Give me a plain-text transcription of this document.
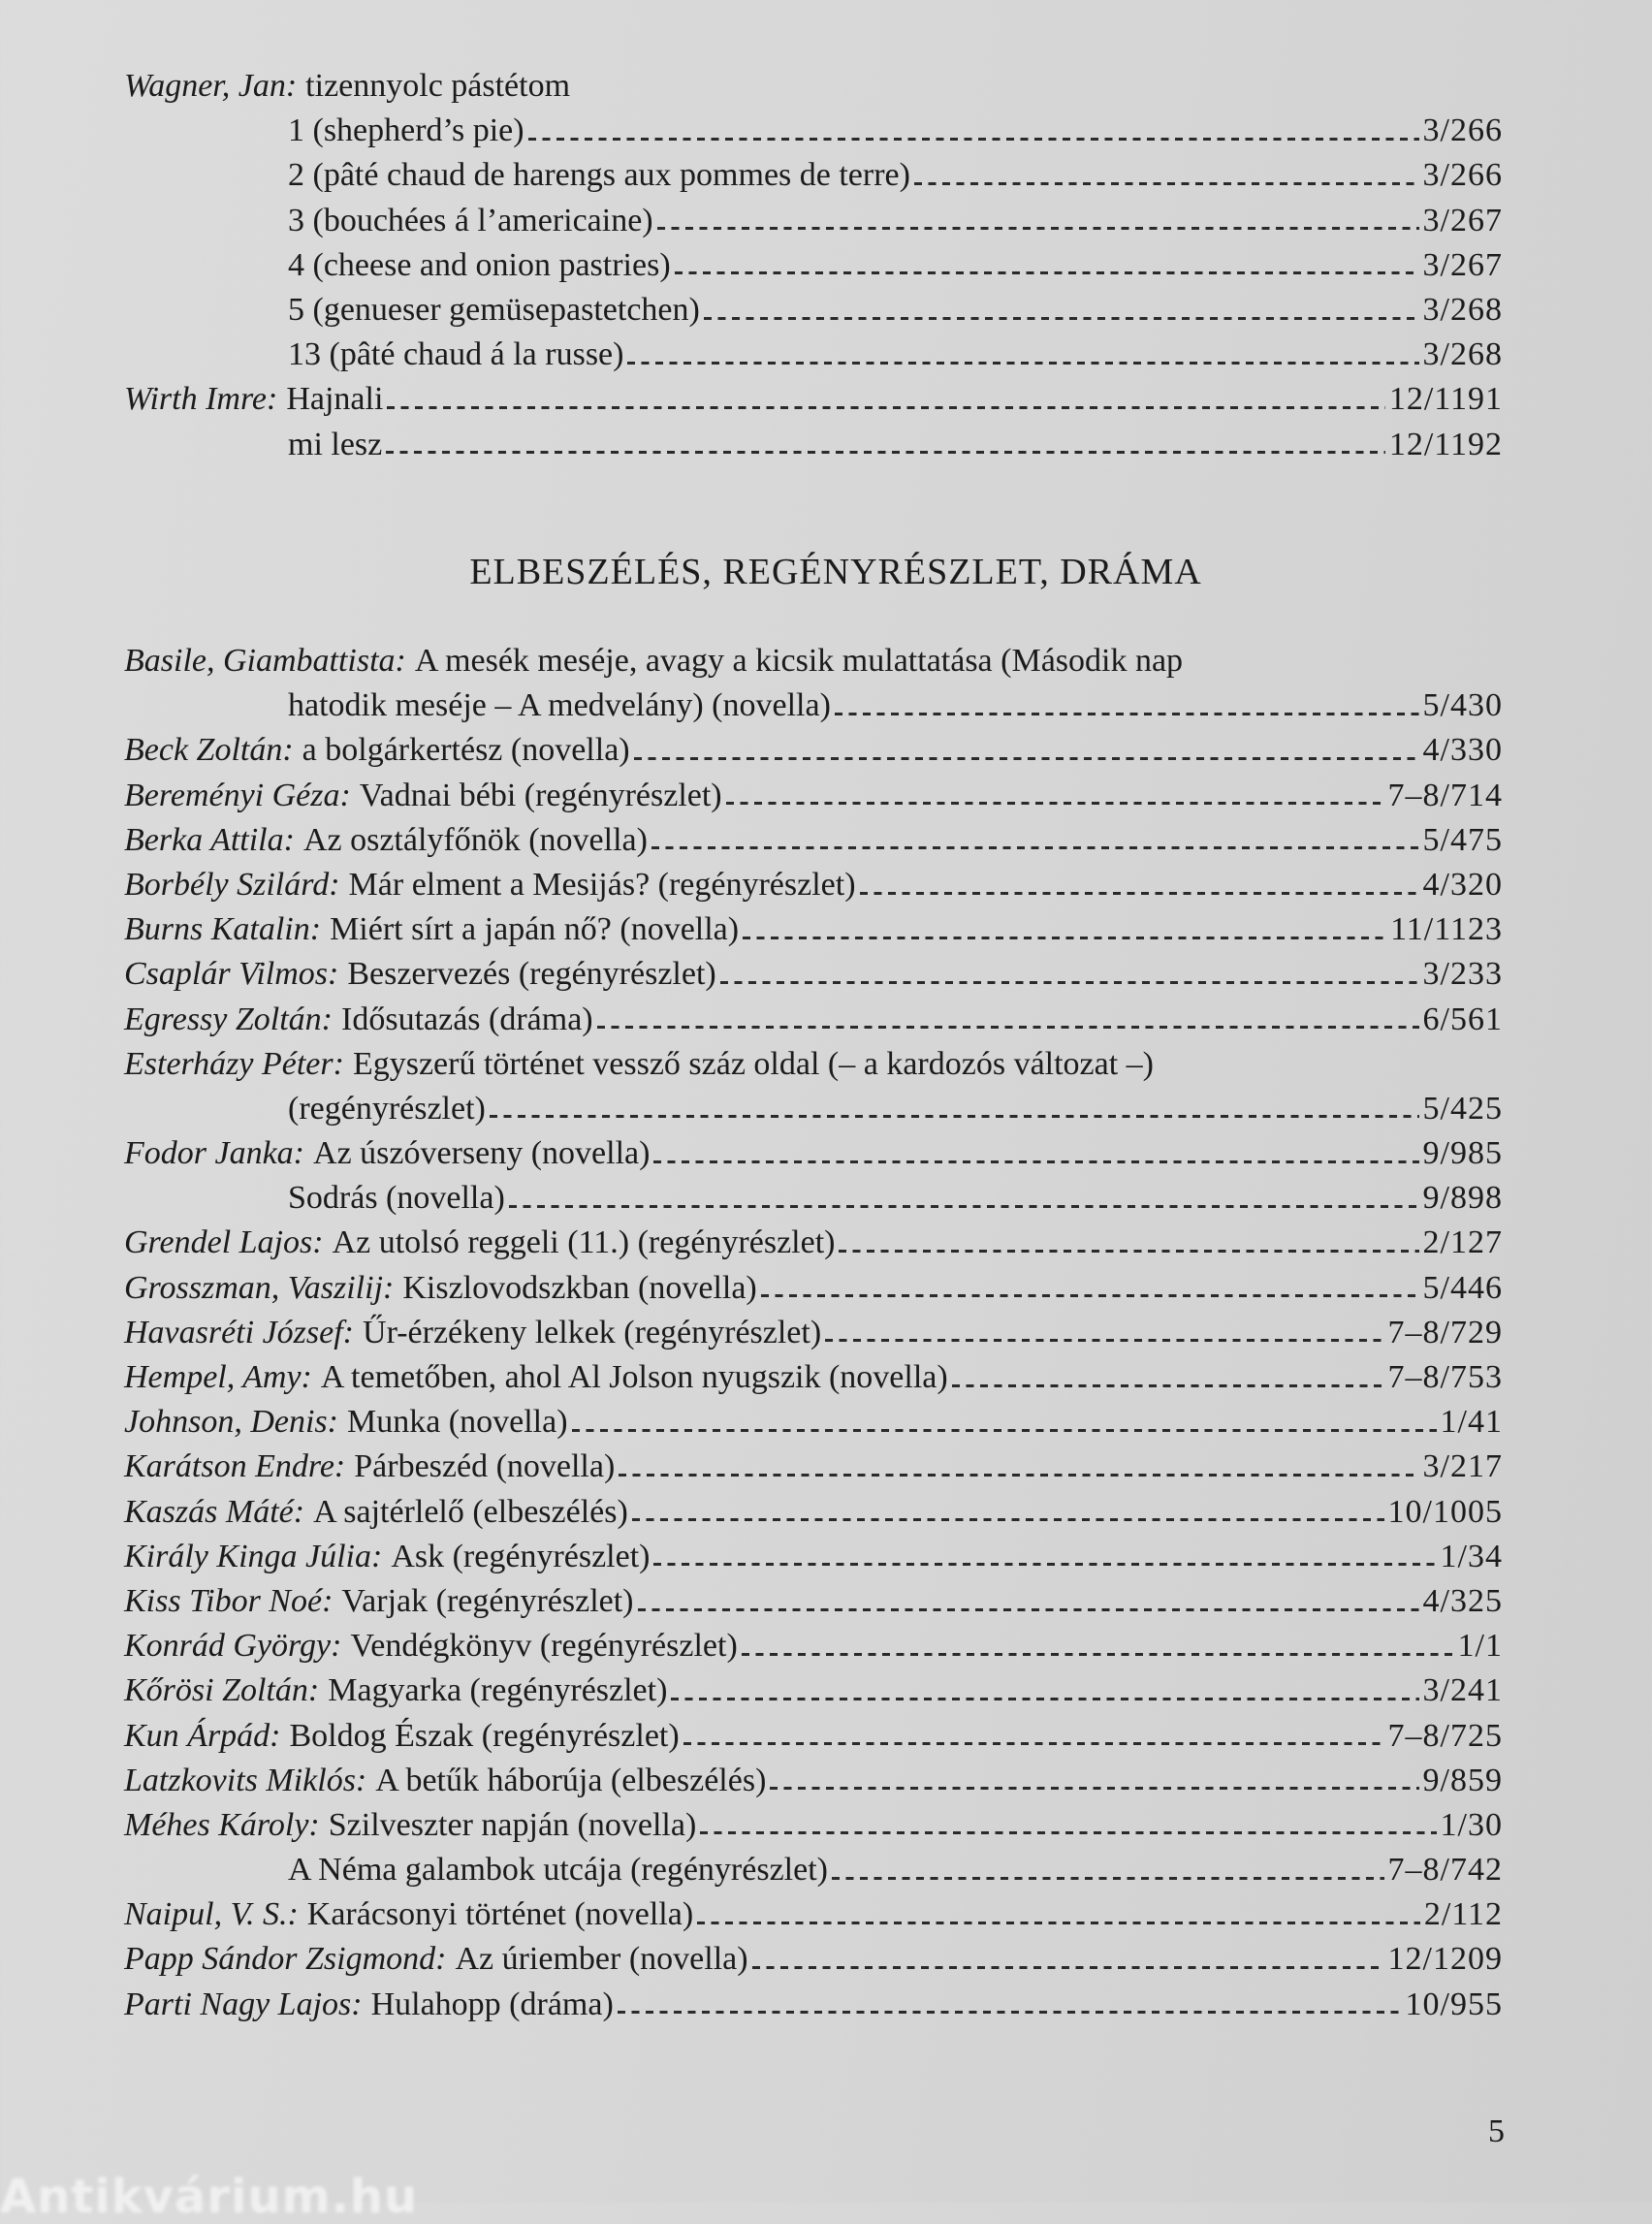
Wagner, Jan: tizennyolc pástétom
1 (shepherd’s pie)	3/266
2 (pâté chaud de harengs aux pommes de terre)	3/266
3 (bouchées á l’americaine)	3/267
4 (cheese and onion pastries)	3/267
5 (genueser gemüsepastetchen)	3/268
13 (pâté chaud á la russe)	3/268
Wirth Imre: Hajnali	12/1191
mi lesz	12/1192
ELBESZÉLÉS, REGÉNYRÉSZLET, DRÁMA
Basile, Giambattista: A mesék meséje, avagy a kicsik mulattatása (Második nap
hatodik meséje – A medvelány) (novella)	5/430
Beck Zoltán: a bolgárkertész (novella)	4/330
Bereményi Géza: Vadnai bébi (regényrészlet)	7–8/714
Berka Attila: Az osztályfőnök (novella)	5/475
Borbély Szilárd: Már elment a Mesijás? (regényrészlet)	4/320
Burns Katalin: Miért sírt a japán nő? (novella)	11/1123
Csaplár Vilmos: Beszervezés (regényrészlet)	3/233
Egressy Zoltán: Idősutazás (dráma)	6/561
Esterházy Péter: Egyszerű történet vessző száz oldal (– a kardozós változat –)
(regényrészlet)	5/425
Fodor Janka: Az úszóverseny (novella)	9/985
Sodrás (novella)	9/898
Grendel Lajos: Az utolsó reggeli (11.) (regényrészlet)	2/127
Grosszman, Vaszilij: Kiszlovodszkban (novella)	5/446
Havasréti József: Űr-érzékeny lelkek (regényrészlet)	7–8/729
Hempel, Amy: A temetőben, ahol Al Jolson nyugszik (novella)	7–8/753
Johnson, Denis: Munka (novella)	1/41
Karátson Endre: Párbeszéd (novella)	3/217
Kaszás Máté: A sajtérlelő (elbeszélés)	10/1005
Király Kinga Júlia: Ask (regényrészlet)	1/34
Kiss Tibor Noé: Varjak (regényrészlet)	4/325
Konrád György: Vendégkönyv (regényrészlet)	1/1
Kőrösi Zoltán: Magyarka (regényrészlet)	3/241
Kun Árpád: Boldog Észak (regényrészlet)	7–8/725
Latzkovits Miklós: A betűk háborúja (elbeszélés)	9/859
Méhes Károly: Szilveszter napján (novella)	1/30
A Néma galambok utcája (regényrészlet)	7–8/742
Naipul, V. S.: Karácsonyi történet (novella)	2/112
Papp Sándor Zsigmond: Az úriember (novella)	12/1209
Parti Nagy Lajos: Hulahopp (dráma)	10/955
5
Antikvárium.hu
